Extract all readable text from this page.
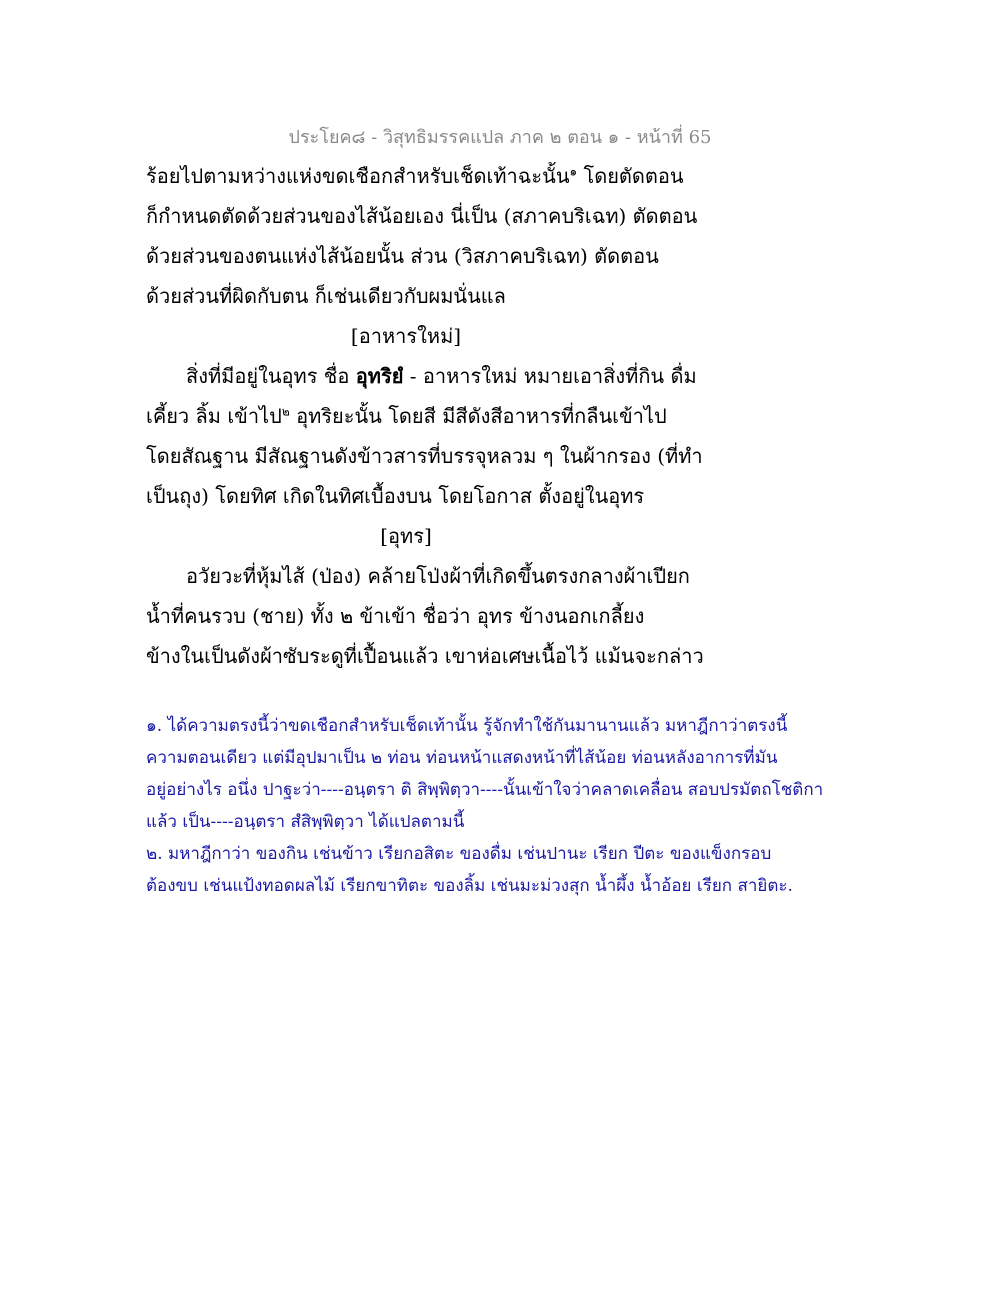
ประโยค๘ - วิสุทธิมรรคแปล ภาค ๒ ตอน ๑ - หน้าที่ 65
ร้อยไปตามหว่างแห่งขดเชือกสำหรับเช็ดเท้าฉะนั้น$^๑$ โดยตัดตอน
ก็กำหนดตัดด้วยส่วนของไส้น้อยเอง นี่เป็น (สภาคบริเฉท) ตัดตอน
ด้วยส่วนของตนแห่งไส้น้อยนั้น ส่วน (วิสภาคบริเฉท) ตัดตอน
ด้วยส่วนที่ผิดกับตน ก็เช่นเดียวกับผมนั่นแล
[อาหารใหม่]
สิ่งที่มีอยู่ในอุทร ชื่อ อุทริยํ - อาหารใหม่ หมายเอาสิ่งที่กิน ดื่ม
เคี้ยว ลิ้ม เข้าไป$^๒$ อุทริยะนั้น โดยสี มีสีดังสีอาหารที่กลืนเข้าไป
โดยสัณฐาน มีสัณฐานดังข้าวสารที่บรรจุหลวม ๆ ในผ้ากรอง (ที่ทำ
เป็นถุง) โดยทิศ เกิดในทิศเบื้องบน โดยโอกาส ตั้งอยู่ในอุทร
[อุทร]
อวัยวะที่หุ้มไส้ (ป่อง) คล้ายโป่งผ้าที่เกิดขึ้นตรงกลางผ้าเปียก
น้ำที่คนรวบ (ชาย) ทั้ง ๒ ข้าเข้า ชื่อว่า อุทร ข้างนอกเกลี้ยง
ข้างในเป็นดังผ้าซับระดูที่เปื้อนแล้ว เขาห่อเศษเนื้อไว้ แม้นจะกล่าว
๑. ได้ความตรงนี้ว่าขดเชือกสำหรับเช็ดเท้านั้น รู้จักทำใช้กันมานานแล้ว มหาฎีกาว่าตรงนี้
ความตอนเดียว แต่มีอุปมาเป็น ๒ ท่อน ท่อนหน้าแสดงหน้าที่ไส้น้อย ท่อนหลังอาการที่มัน
อยู่อย่างไร อนึ่ง ปาฐะว่า----อนฺตรา ติ สิพฺพิตฺวา----นั้นเข้าใจว่าคลาดเคลื่อน สอบปรมัตถโชติกา
แล้ว เป็น----อนฺตรา สํสิพฺพิตฺวา ได้แปลตามนี้
๒. มหาฎีกาว่า ของกิน เช่นข้าว เรียกอสิตะ ของดื่ม เช่นปานะ เรียก ปีตะ ของแข็งกรอบ
ต้องขบ เช่นแป้งทอดผลไม้ เรียกขาทิตะ ของลิ้ม เช่นมะม่วงสุก น้ำผึ้ง น้ำอ้อย เรียก สายิตะ.
